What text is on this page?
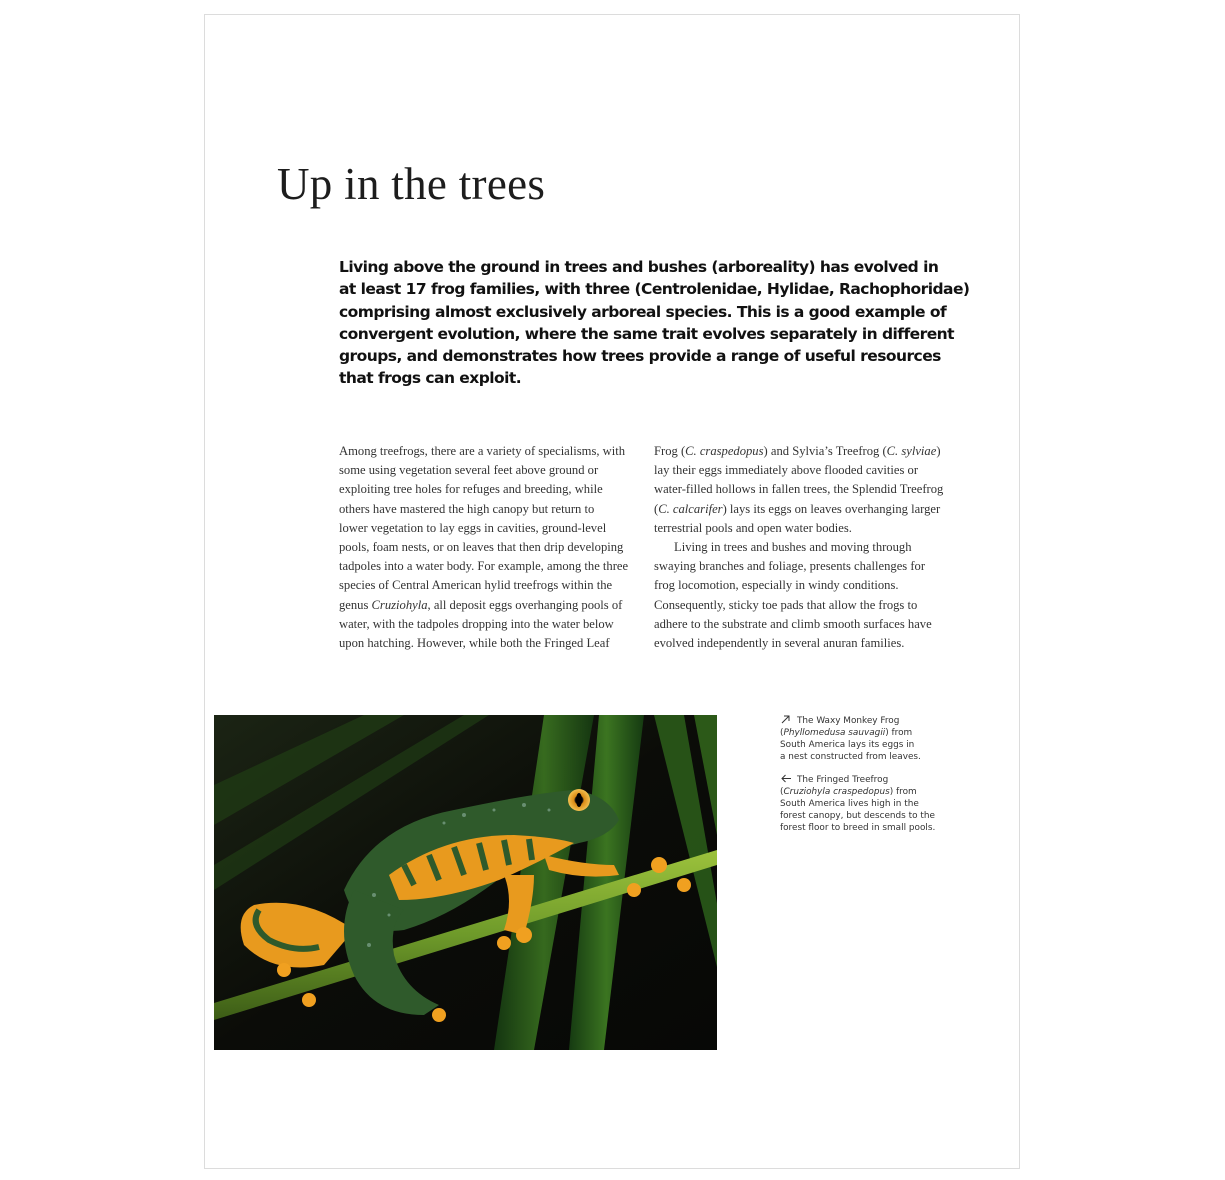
Up in the trees

Living above the ground in trees and bushes (arboreality) has evolved in
at least 17 frog families, with three (Centrolenidae, Hylidae, Rachophoridae)
comprising almost exclusively arboreal species. This is a good example of
convergent evolution, where the same trait evolves separately in different
groups, and demonstrates how trees provide a range of useful resources
that frogs can exploit.

Among treefrogs, there are a variety of specialisms, with
some using vegetation several feet above ground or
exploiting tree holes for refuges and breeding, while
others have mastered the high canopy but return to
lower vegetation to lay eggs in cavities, ground-level
pools, foam nests, or on leaves that then drip developing
tadpoles into a water body. For example, among the three
species of Central American hylid treefrogs within the
genus Cruziohyla, all deposit eggs overhanging pools of
water, with the tadpoles dropping into the water below
upon hatching. However, while both the Fringed Leaf

Frog (C. craspedopus) and Sylvia’s Treefrog (C. sylviae)
lay their eggs immediately above flooded cavities or
water-filled hollows in fallen trees, the Splendid Treefrog
(C. calcarifer) lays its eggs on leaves overhanging larger
terrestrial pools and open water bodies.
Living in trees and bushes and moving through
swaying branches and foliage, presents challenges for
frog locomotion, especially in windy conditions.
Consequently, sticky toe pads that allow the frogs to
adhere to the substrate and climb smooth surfaces have
evolved independently in several anuran families.

The Waxy Monkey Frog
(Phyllomedusa sauvagii) from
South America lays its eggs in
a nest constructed from leaves.

The Fringed Treefrog
(Cruziohyla craspedopus) from
South America lives high in the
forest canopy, but descends to the
forest floor to breed in small pools.
